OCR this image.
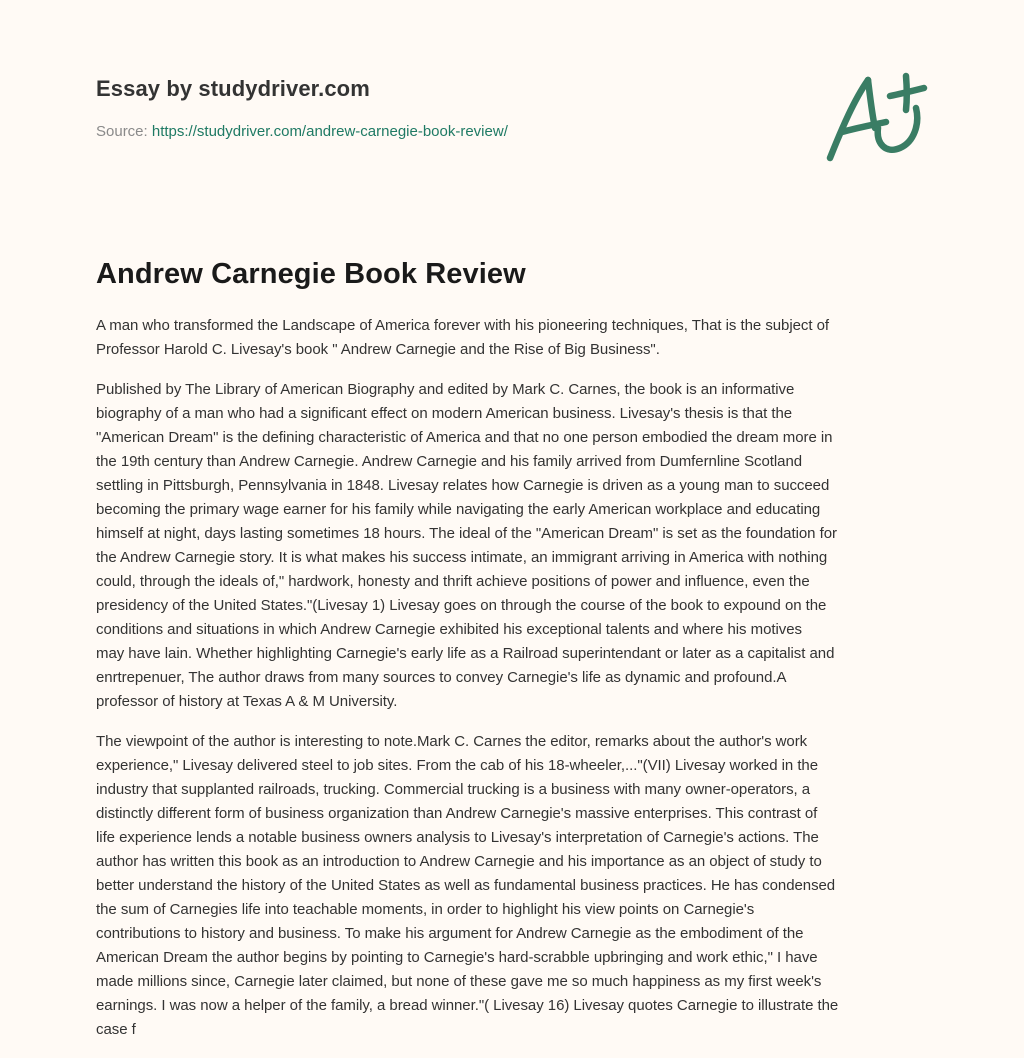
Essay by studydriver.com
Source: https://studydriver.com/andrew-carnegie-book-review/
Andrew Carnegie Book Review

A man who transformed the Landscape of America forever with his pioneering techniques, That is the subject of
Professor Harold C. Livesay's book " Andrew Carnegie and the Rise of Big Business".

Published by The Library of American Biography and edited by Mark C. Carnes, the book is an informative
biography of a man who had a significant effect on modern American business. Livesay's thesis is that the
"American Dream" is the defining characteristic of America and that no one person embodied the dream more in
the 19th century than Andrew Carnegie. Andrew Carnegie and his family arrived from Dumfernline Scotland
settling in Pittsburgh, Pennsylvania in 1848. Livesay relates how Carnegie is driven as a young man to succeed
becoming the primary wage earner for his family while navigating the early American workplace and educating
himself at night, days lasting sometimes 18 hours. The ideal of the "American Dream" is set as the foundation for
the Andrew Carnegie story. It is what makes his success intimate, an immigrant arriving in America with nothing
could, through the ideals of," hardwork, honesty and thrift achieve positions of power and influence, even the
presidency of the United States."(Livesay 1) Livesay goes on through the course of the book to expound on the
conditions and situations in which Andrew Carnegie exhibited his exceptional talents and where his motives
may have lain. Whether highlighting Carnegie's early life as a Railroad superintendant or later as a capitalist and
enrtrepenuer, The author draws from many sources to convey Carnegie's life as dynamic and profound.A
professor of history at Texas A & M University.

The viewpoint of the author is interesting to note.Mark C. Carnes the editor, remarks about the author's work
experience," Livesay delivered steel to job sites. From the cab of his 18-wheeler,..."(VII) Livesay worked in the
industry that supplanted railroads, trucking. Commercial trucking is a business with many owner-operators, a
distinctly different form of business organization than Andrew Carnegie's massive enterprises. This contrast of
life experience lends a notable business owners analysis to Livesay's interpretation of Carnegie's actions. The
author has written this book as an introduction to Andrew Carnegie and his importance as an object of study to
better understand the history of the United States as well as fundamental business practices. He has condensed
the sum of Carnegies life into teachable moments, in order to highlight his view points on Carnegie's
contributions to history and business. To make his argument for Andrew Carnegie as the embodiment of the
American Dream the author begins by pointing to Carnegie's hard-scrabble upbringing and work ethic," I have
made millions since, Carnegie later claimed, but none of these gave me so much happiness as my first week's
earnings. I was now a helper of the family, a bread winner."( Livesay 16) Livesay quotes Carnegie to illustrate the
case f
